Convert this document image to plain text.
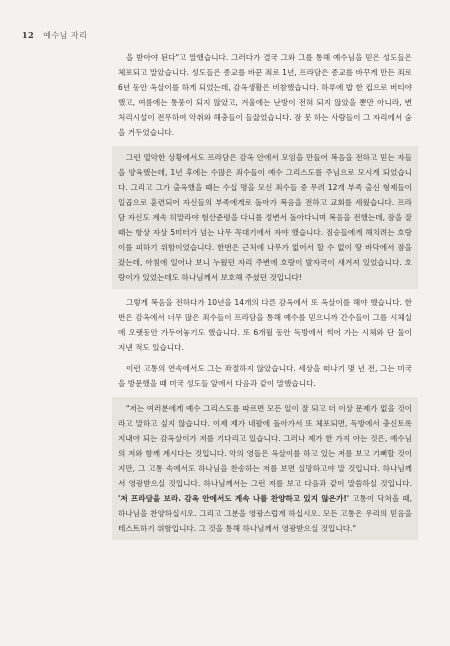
12 예수님 자리

을 받아야 된다"고 말했습니다. 그러다가 결국 그와 그를 통해 예수님을 믿은 성도들은 체포되고 말았습니다. 성도들은 종교를 바꾼 죄로 1년, 프라담은 종교를 바꾸게 만든 죄로 6년 동안 옥살이를 하게 되었는데, 감옥생활은 비참했습니다. 하루에 밥 한 컵으로 버티야 했고, 여름에는 통풍이 되지 않았고, 겨울에는 난방이 전혀 되지 않았을 뿐만 아니라, 변 처리시설이 전무하여 악취와 해충들이 들끓었습니다. 잠 못 하는 사람들이 그 자리에서 숨을 거두었습니다.

그런 열악한 상황에서도 프라담은 감옥 안에서 모임을 만들어 복음을 전하고 믿는 자들을 양육했는데, 1년 후에는 수많은 죄수들이 예수 그리스도를 주님으로 모시게 되었습니다. 그리고 그가 출옥했을 때는 수십 명을 모신 죄수들 중 무려 12개 부족 출신 형제들이 일곱으로 훈련되어 자신들의 부족에게로 돌아가 복음을 전하고 교회를 세웠습니다. 프라담 자신도 계속 히말라야 험산준령을 다니를 정변서 돌아다니며 복음을 전했는데, 잠을 잘 때는 항상 자상 5미터가 넘는 나무 꼭대기에서 자야 했습니다. 짐승들에게 해치려는 호랑이를 피하기 위함이었습니다. 한번은 근처에 나무가 없어서 할 수 없이 땅 바닥에서 잠을 잤는데, 아침에 일어나 보니 누웠던 자리 주변에 호랑이 발자국이 새겨져 있었습니다. 호랑이가 있었는데도 하나님께서 보호해 주셨던 것입니다!

그렇게 복음을 전하다가 10년을 14개의 다른 감옥에서 또 옥살이를 해야 했습니다. 한번은 감옥에서 너무 많은 죄수들이 프라담을 통해 예수를 믿으니까 간수들이 그를 시체실에 오랫동안 가두어놓기도 했습니다. 또 6개월 동안 독방에서 썩어 가는 시체와 단 둘이 지낸 적도 있습니다.

이런 고통의 연속에서도 그는 좌절하지 않았습니다. 세상을 떠나기 몇 년 전, 그는 미국을 방문했을 때 미국 성도들 앞에서 다음과 같이 말했습니다.

"저는 여러분에게 예수 그리스도를 따르면 모든 일이 잘 되고 더 이상 문제가 없을 것이라고 말하고 싶지 않습니다. 이제 제가 네팔에 돌아가서 또 체포되면, 독방에서 충신토록 지내야 되는 감옥살이가 저를 기다리고 있습니다. 그러나 제가 한 가지 아는 것은, 예수님의 저와 함께 계시다는 것입니다. 악의 영들은 옥살이를 하고 있는 저를 보고 기뻐할 것이지만, 그 고통 속에서도 하나님을 찬송하는 저를 보면 실망하고야 말 것입니다. 하나님께서 영광받으실 것입니다. 하나님께서는 그런 저를 보고 다음과 같이 말씀하실 것입니다. '저 프라담을 보라. 감옥 안에서도 계속 나를 찬양하고 있지 않은가!' 고통이 닥쳐올 때, 하나님을 찬양하십시오. 그리고 그분을 영광스럽게 하십시오. 모든 고통은 우리의 믿음을 테스트하기 위함입니다. 그 것을 통해 하나님께서 영광받으실 것입니다."
